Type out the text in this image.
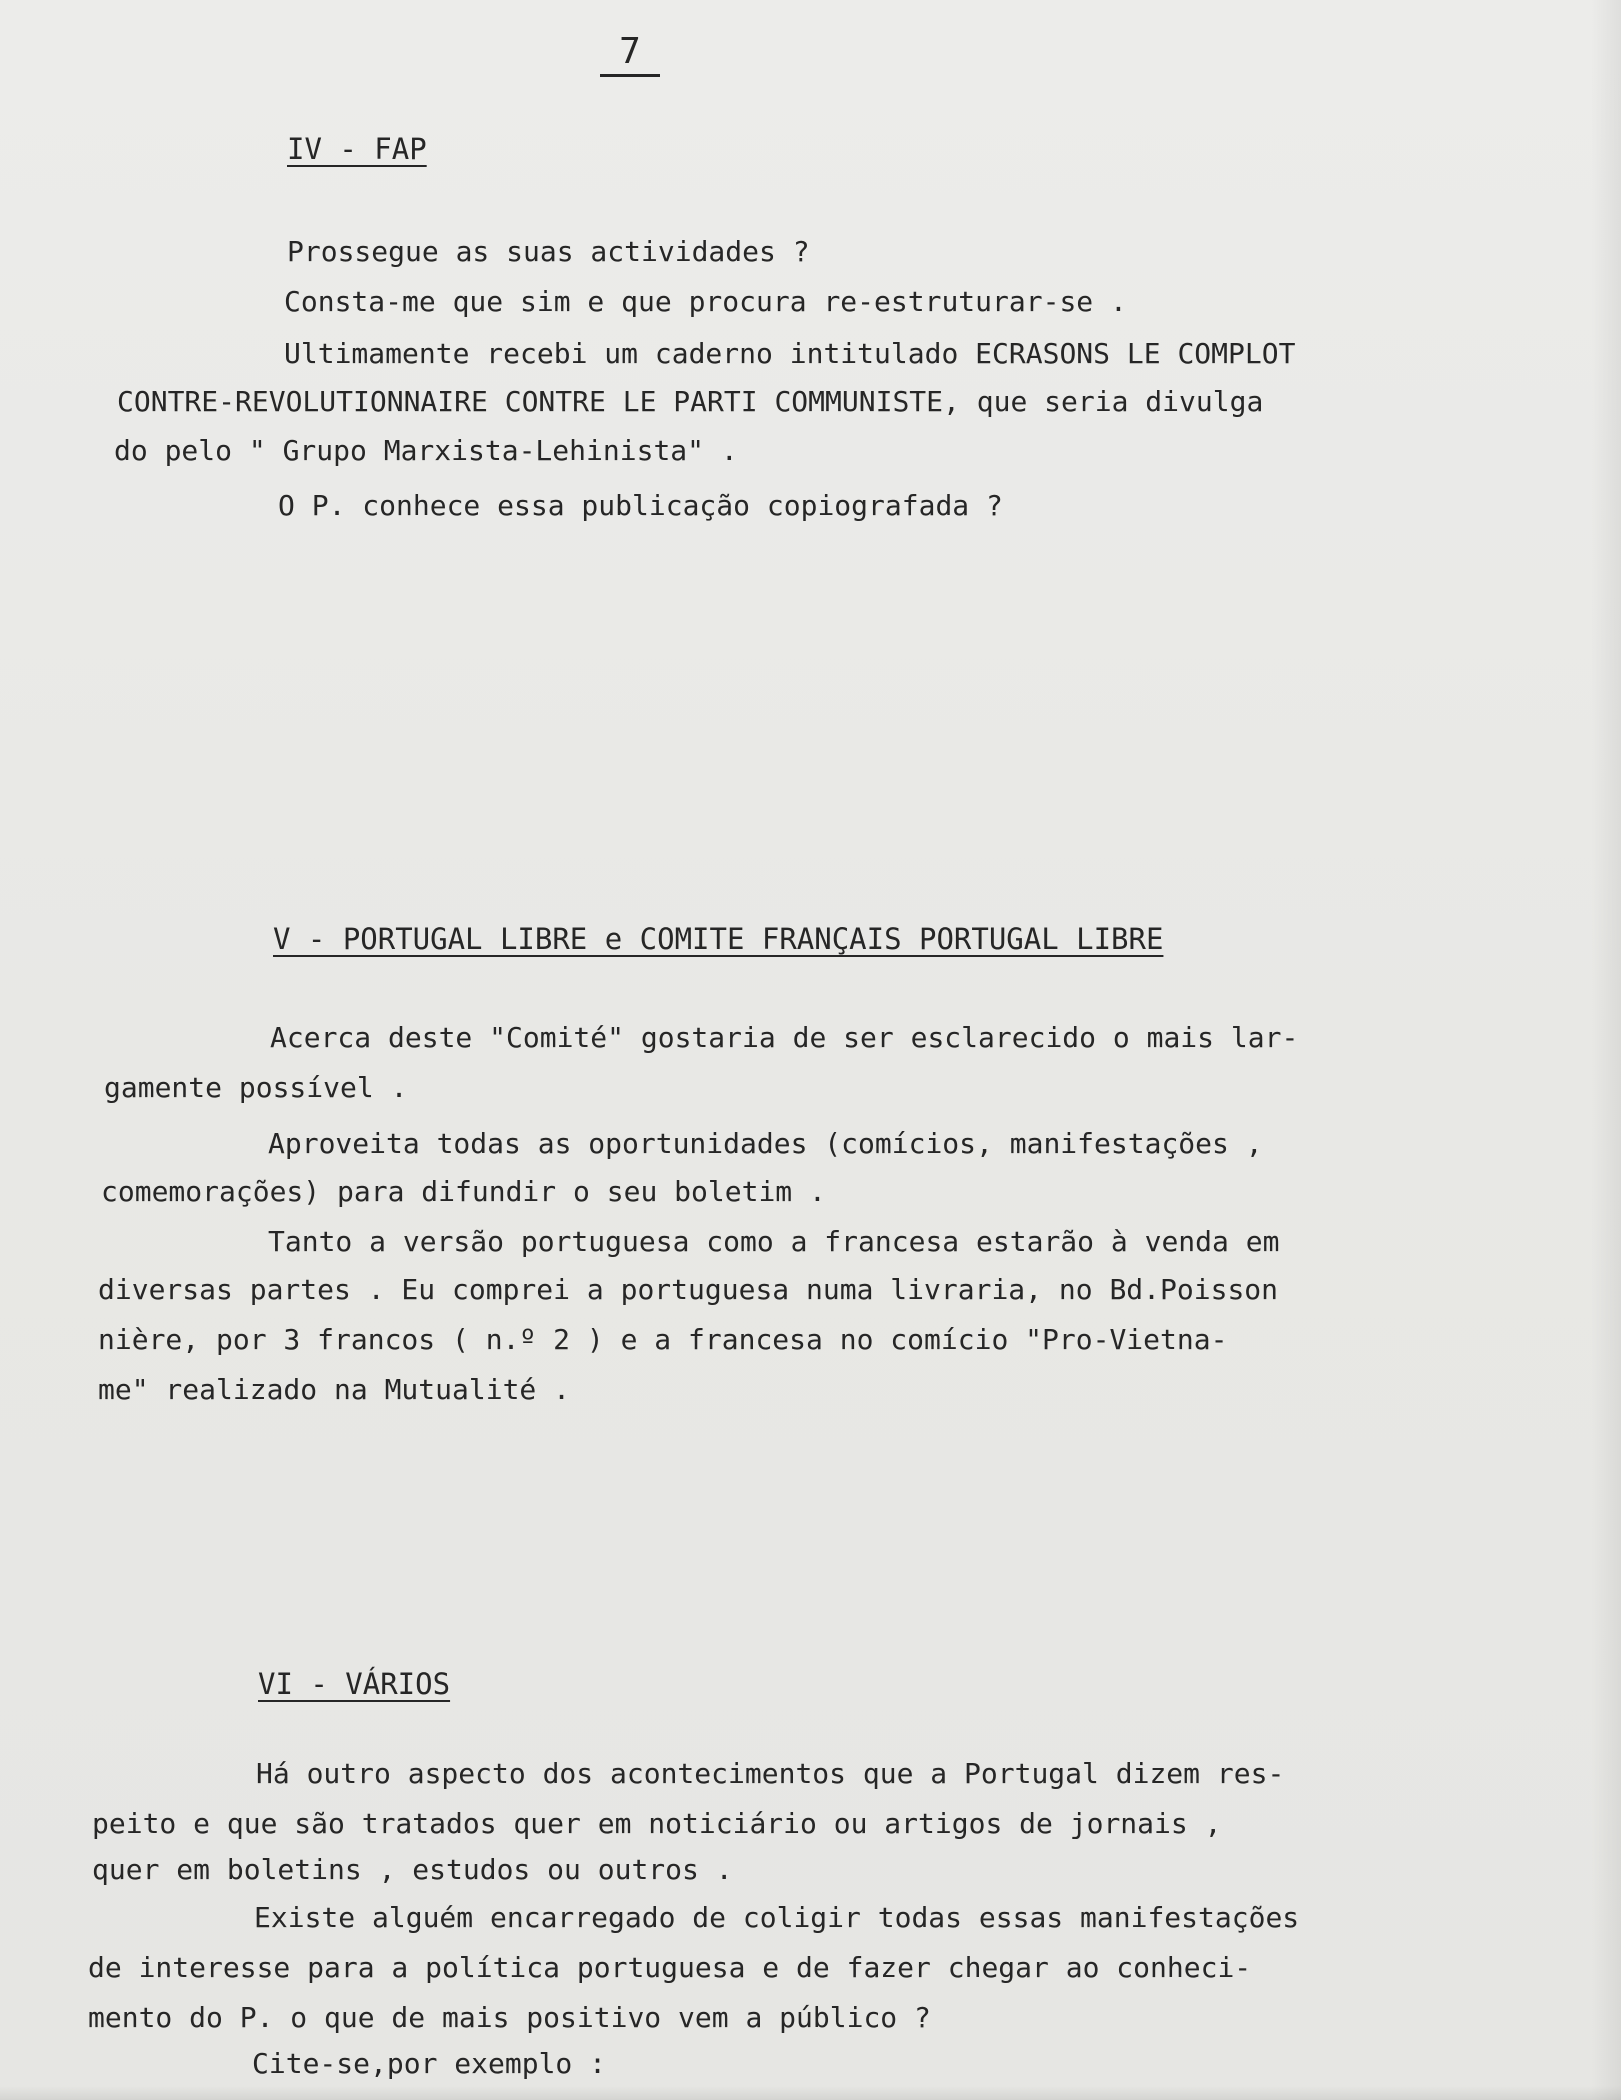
7
IV - FAP
Prossegue as suas actividades ?
Consta-me que sim e que procura re-estruturar-se .
Ultimamente recebi um caderno intitulado ECRASONS LE COMPLOT
CONTRE-REVOLUTIONNAIRE CONTRE LE PARTI COMMUNISTE, que seria divulga
do pelo " Grupo Marxista-Lehinista" .
O P. conhece essa publicação copiografada ?
V - PORTUGAL LIBRE e COMITE FRANÇAIS PORTUGAL LIBRE
Acerca deste "Comité" gostaria de ser esclarecido o mais lar-
gamente possível .
Aproveita todas as oportunidades (comícios, manifestações ,
comemorações) para difundir o seu boletim .
Tanto a versão portuguesa como a francesa estarão à venda em
diversas partes . Eu comprei a portuguesa numa livraria, no Bd.Poisson
nière, por 3 francos ( n.º 2 ) e a francesa no comício "Pro-Vietna-
me" realizado na Mutualité .
VI - VÁRIOS
Há outro aspecto dos acontecimentos que a Portugal dizem res-
peito e que são tratados quer em noticiário ou artigos de jornais ,
quer em boletins , estudos ou outros .
Existe alguém encarregado de coligir todas essas manifestações
de interesse para a política portuguesa e de fazer chegar ao conheci-
mento do P. o que de mais positivo vem a público ?
Cite-se,por exemplo :
